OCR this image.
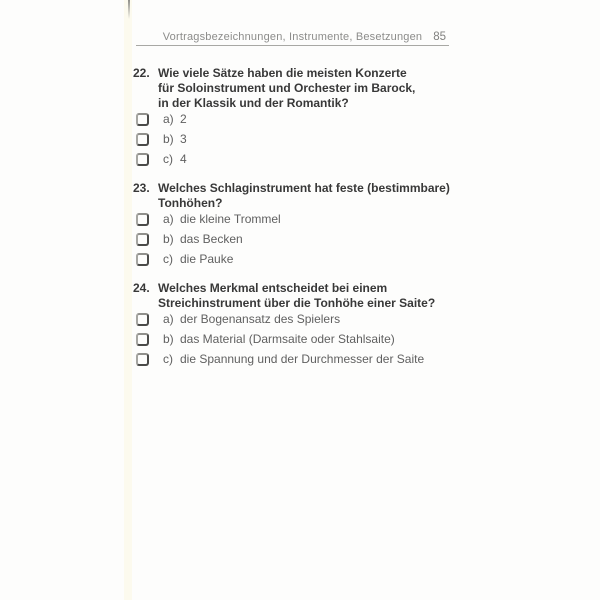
Vortragsbezeichnungen, Instrumente, Besetzungen 85
22. Wie viele Sätze haben die meisten Konzerte
für Soloinstrument und Orchester im Barock,
in der Klassik und der Romantik?
a) 2
b) 3
c) 4
23. Welches Schlaginstrument hat feste (bestimmbare)
Tonhöhen?
a) die kleine Trommel
b) das Becken
c) die Pauke
24. Welches Merkmal entscheidet bei einem
Streichinstrument über die Tonhöhe einer Saite?
a) der Bogenansatz des Spielers
b) das Material (Darmsaite oder Stahlsaite)
c) die Spannung und der Durchmesser der Saite
